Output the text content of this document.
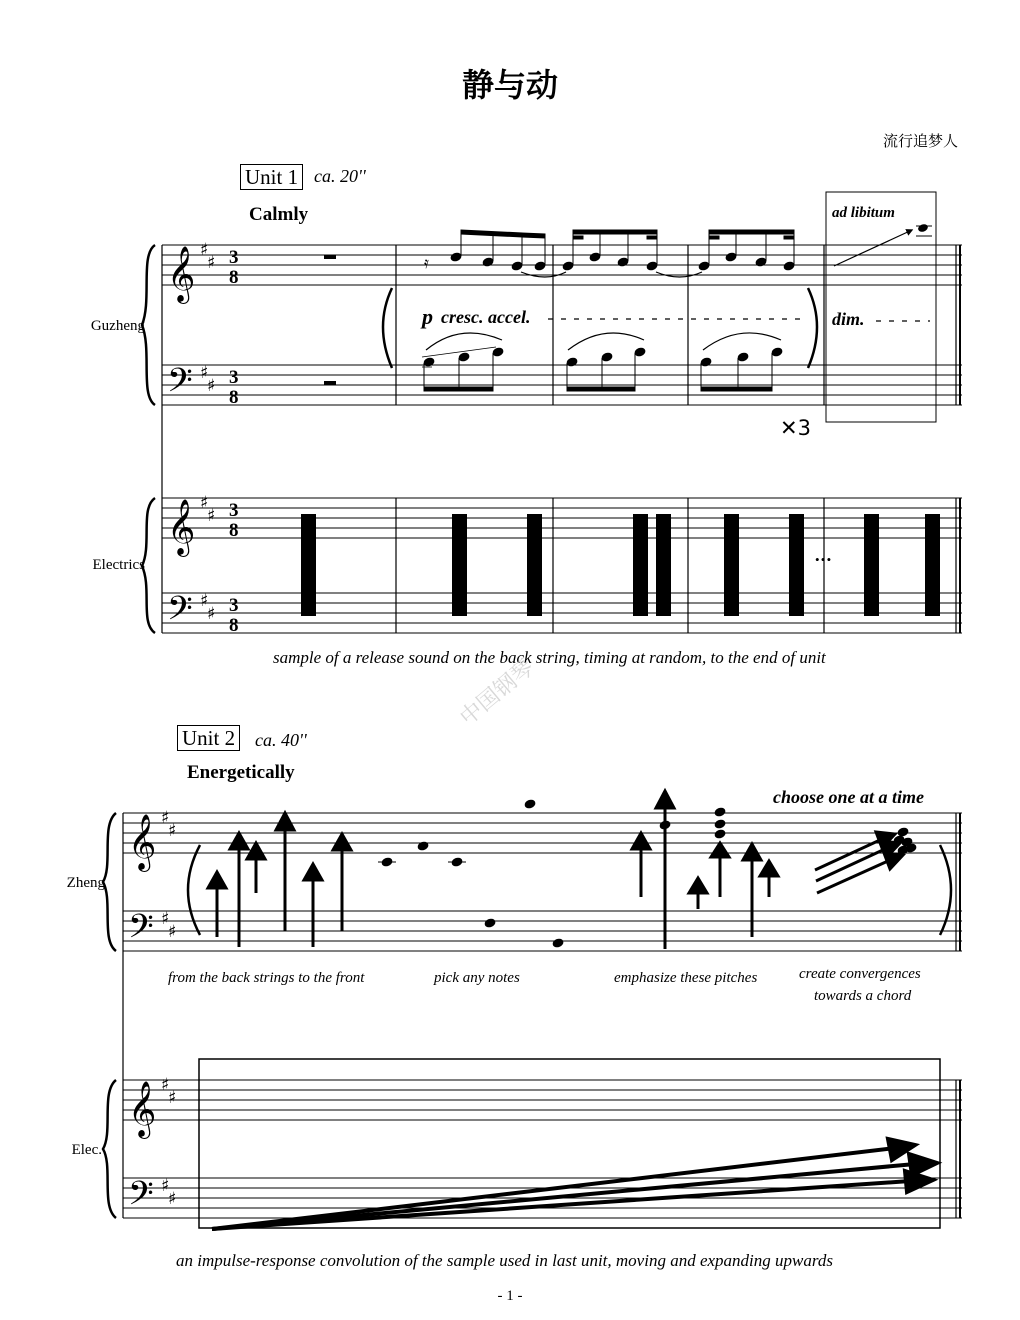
静与动
流行追梦人
Unit 1 ca. 20''
Calmly
Guzheng
Electrics
p cresc. accel.
ad libitum
dim.
✕3
• • •
sample of a release sound on the back string, timing at random, to the end of unit
Unit 2 ca. 40''
Energetically
Zheng
Elec.
choose one at a time
from the back strings to the front	pick any notes	emphasize these pitches	create convergences
towards a chord
an impulse-response convolution of the sample used in last unit, moving and expanding upwards
- 1 -
中国钢琴
𝄞
𝄢
𝄞
𝄢
♯
♯
♯
♯
♯
♯
♯
♯
3
8
3
8
3
8
3
8
𝄿
𝄞
𝄢
𝄞
𝄢
♯
♯
♯
♯
♯
♯
♯
♯
